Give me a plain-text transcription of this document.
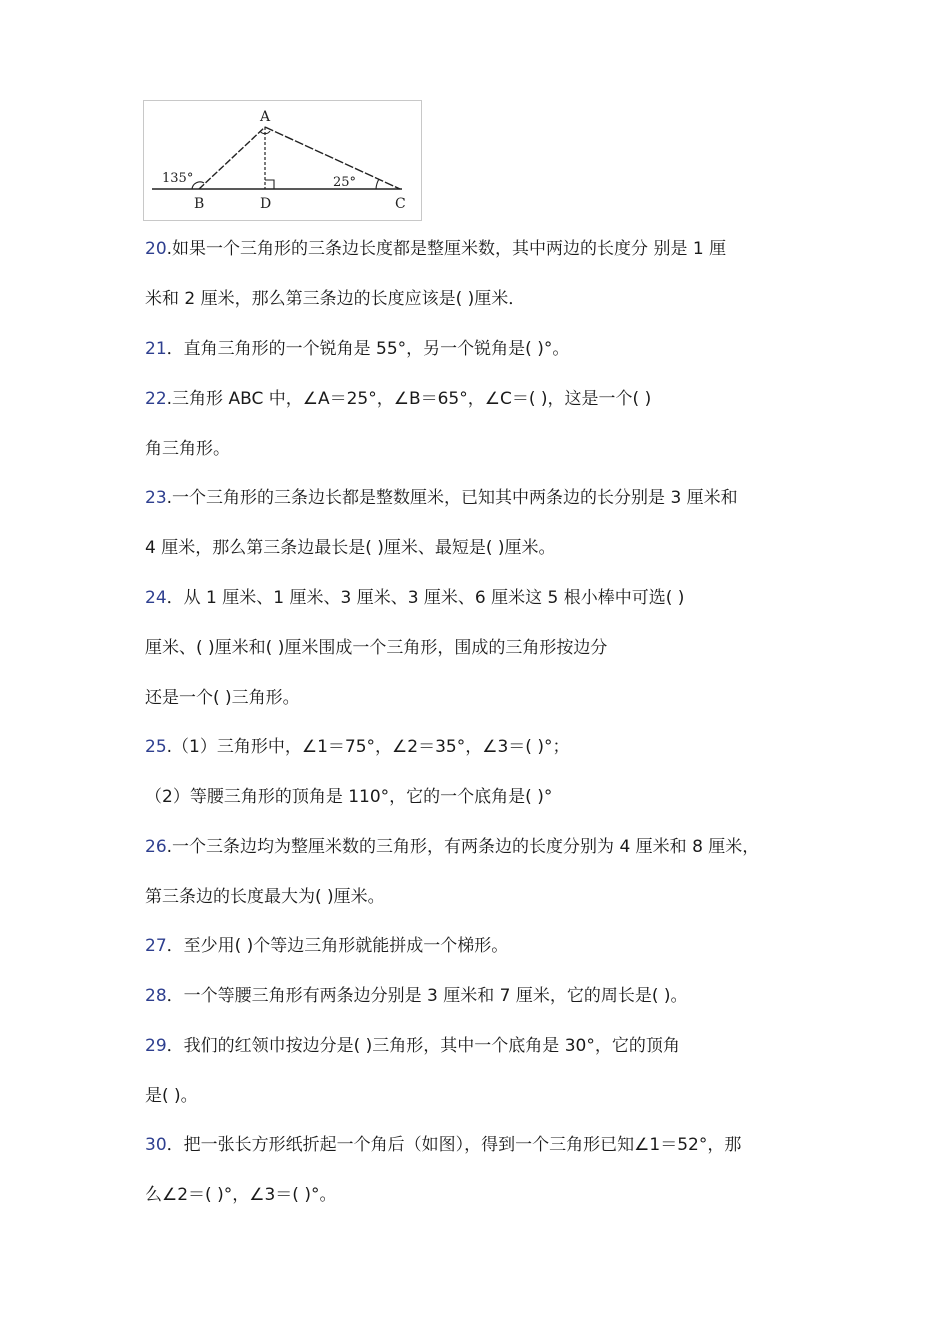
A
B	D	C
135°	25°
20.如果一个三角形的三条边长度都是整厘米数，其中两边的长度分 别是 1 厘
米和 2 厘米，那么第三条边的长度应该是( )厘米．
21．直角三角形的一个锐角是 55°，另一个锐角是( )°。
22.三角形 ABC 中，∠A＝25°，∠B＝65°，∠C＝( )，这是一个( )
角三角形。
23.一个三角形的三条边长都是整数厘米，已知其中两条边的长分别是 3 厘米和
4 厘米，那么第三条边最长是( )厘米、最短是( )厘米。
24．从 1 厘米、1 厘米、3 厘米、3 厘米、6 厘米这 5 根小棒中可选( )
厘米、( )厘米和( )厘米围成一个三角形，围成的三角形按边分
还是一个( )三角形。
25.（1）三角形中，∠1＝75°，∠2＝35°，∠3＝( )°；
（2）等腰三角形的顶角是 110°，它的一个底角是( )°
26.一个三条边均为整厘米数的三角形，有两条边的长度分别为 4 厘米和 8 厘米，
第三条边的长度最大为( )厘米。
27．至少用( )个等边三角形就能拼成一个梯形。
28．一个等腰三角形有两条边分别是 3 厘米和 7 厘米，它的周长是( )。
29．我们的红领巾按边分是( )三角形，其中一个底角是 30°，它的顶角
是( )。
30．把一张长方形纸折起一个角后（如图），得到一个三角形已知∠1＝52°，那
么∠2＝( )°，∠3＝( )°。
